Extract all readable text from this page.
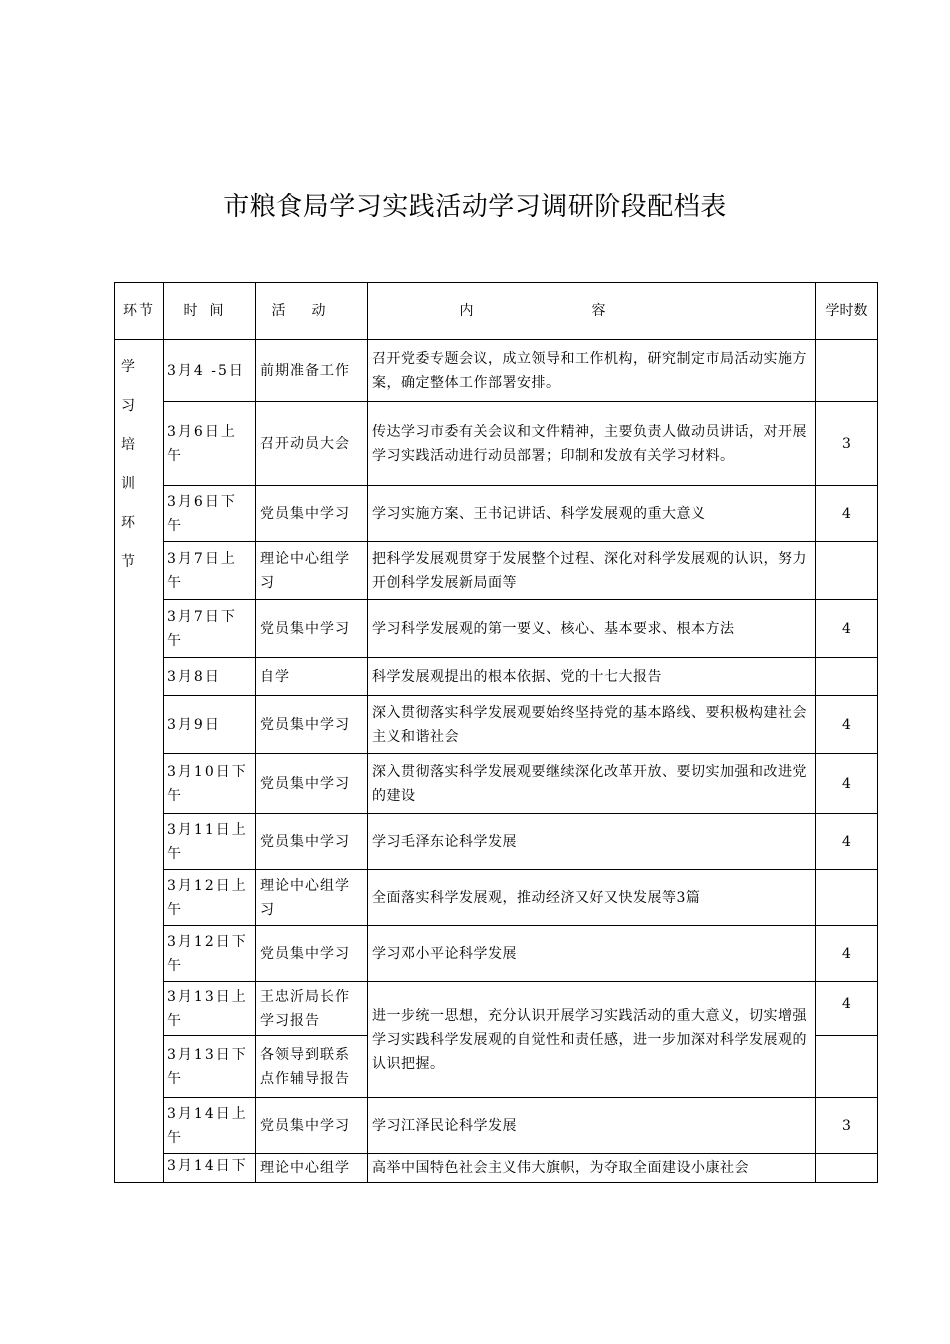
市粮食局学习实践活动学习调研阶段配档表
环节	时间	活动	内容	学时数

学习培训环节	3月4 -5日	前期准备工作	召开党委专题会议，成立领导和工作机构，研究制定市局活动实施方案，确定整体工作部署安排。	
	3月6日上午	召开动员大会	传达学习市委有关会议和文件精神，主要负责人做动员讲话，对开展学习实践活动进行动员部署；印制和发放有关学习材料。	3
	3月6日下午	党员集中学习	学习实施方案、王书记讲话、科学发展观的重大意义	4
	3月7日上午	理论中心组学习	把科学发展观贯穿于发展整个过程、深化对科学发展观的认识，努力开创科学发展新局面等	
	3月7日下午	党员集中学习	学习科学发展观的第一要义、核心、基本要求、根本方法	4
	3月8日	自学	科学发展观提出的根本依据、党的十七大报告	
	3月9日	党员集中学习	深入贯彻落实科学发展观要始终坚持党的基本路线、要积极构建社会主义和谐社会	4
	3月10日下午	党员集中学习	深入贯彻落实科学发展观要继续深化改革开放、要切实加强和改进党的建设	4
	3月11日上午	党员集中学习	学习毛泽东论科学发展	4
	3月12日上午	理论中心组学习	全面落实科学发展观，推动经济又好又快发展等3篇	
	3月12日下午	党员集中学习	学习邓小平论科学发展	4
	3月13日上午	王忠沂局长作学习报告	进一步统一思想，充分认识开展学习实践活动的重大意义，切实增强学习实践科学发展观的自觉性和责任感，进一步加深对科学发展观的认识把握。	4
	3月13日下午	各领导到联系点作辅导报告		
	3月14日上午	党员集中学习	学习江泽民论科学发展	3
	3月14日下	理论中心组学	高举中国特色社会主义伟大旗帜，为夺取全面建设小康社会	
